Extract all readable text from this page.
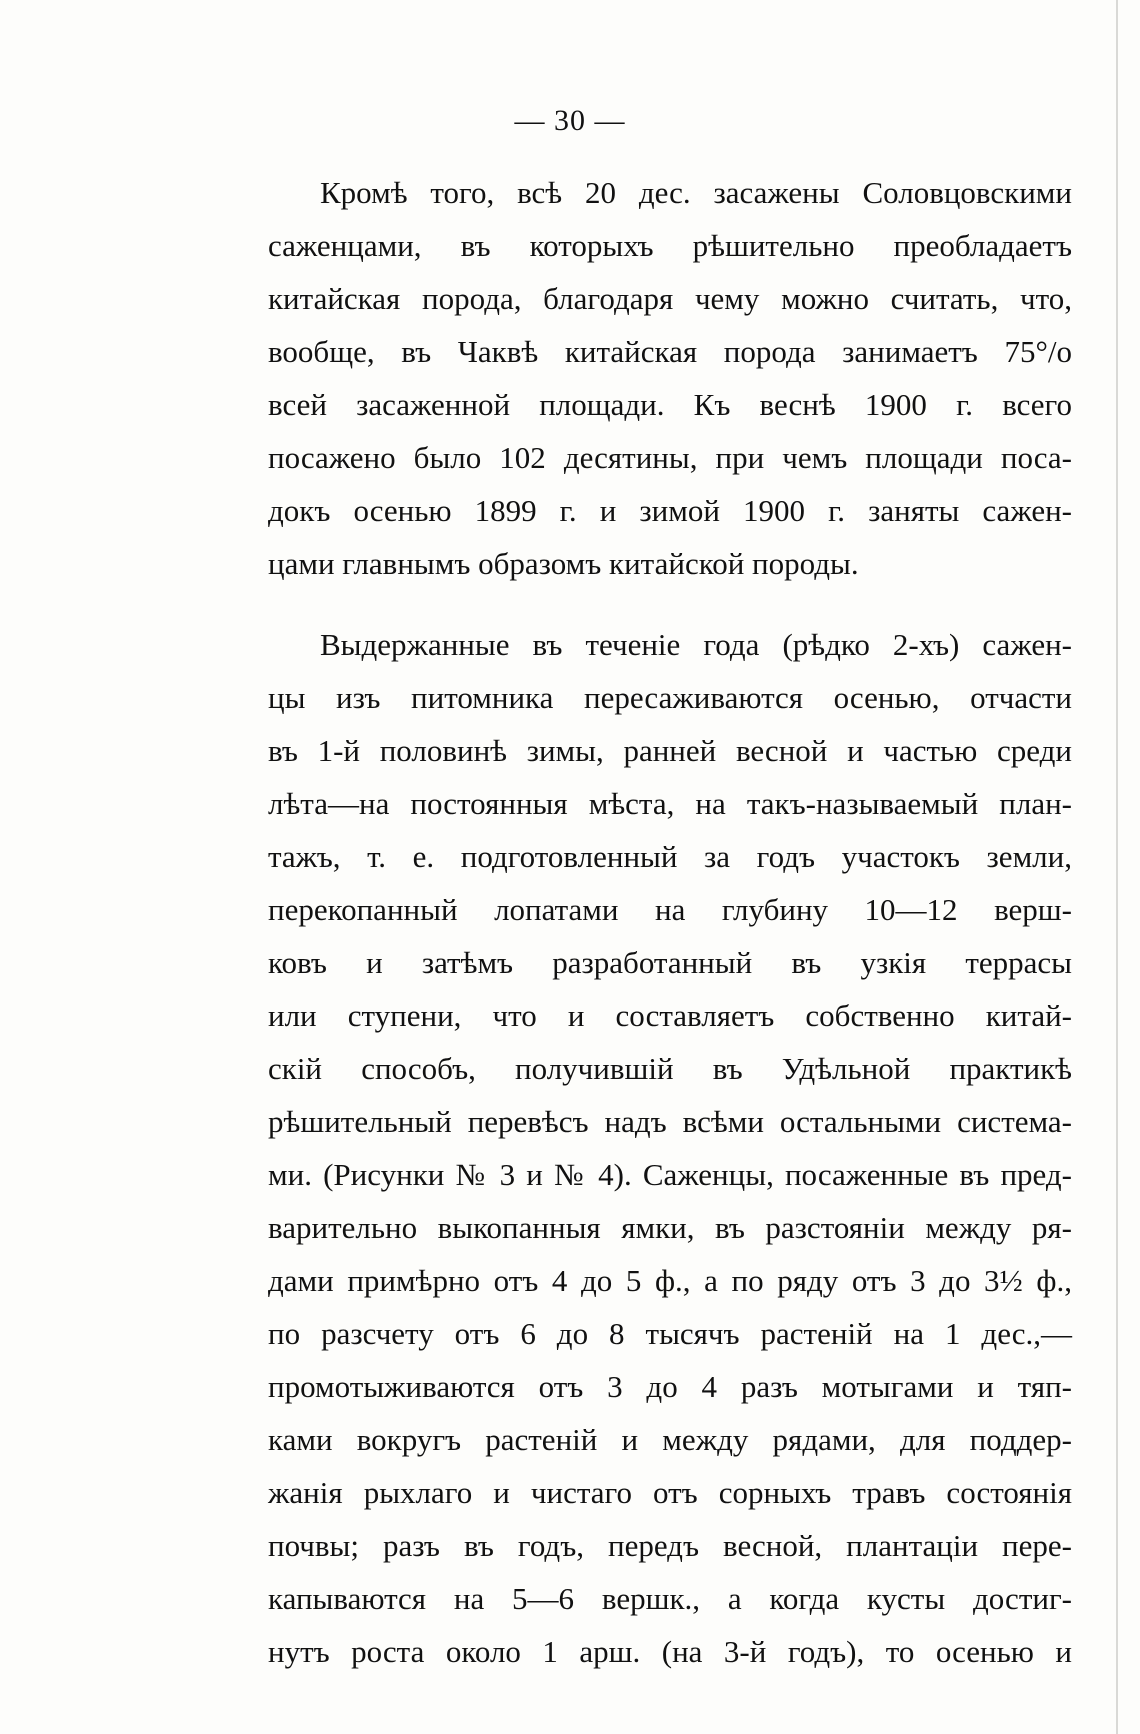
— 30 —
Кромѣ того, всѣ 20 дес. засажены Соловцовскими
саженцами, въ которыхъ рѣшительно преобладаетъ
китайская порода, благодаря чему можно считать, что,
вообще, въ Чаквѣ китайская порода занимаетъ 75°/о
всей засаженной площади. Къ веснѣ 1900 г. всего
посажено было 102 десятины, при чемъ площади поса-
докъ осенью 1899 г. и зимой 1900 г. заняты сажен-
цами главнымъ образомъ китайской породы.
Выдержанные въ теченіе года (рѣдко 2-хъ) сажен-
цы изъ питомника пересаживаются осенью, отчасти
въ 1-й половинѣ зимы, ранней весной и частью среди
лѣта—на постоянныя мѣста, на такъ-называемый план-
тажъ, т. е. подготовленный за годъ участокъ земли,
перекопанный лопатами на глубину 10—12 верш-
ковъ и затѣмъ разработанный въ узкія террасы
или ступени, что и составляетъ собственно китай-
скій способъ, получившій въ Удѣльной практикѣ
рѣшительный перевѣсъ надъ всѣми остальными система-
ми. (Рисунки № 3 и № 4). Саженцы, посаженные въ пред-
варительно выкопанныя ямки, въ разстояніи между ря-
дами примѣрно отъ 4 до 5 ф., а по ряду отъ 3 до 3½ ф.,
по разсчету отъ 6 до 8 тысячъ растеній на 1 дес.,—
промотыживаются отъ 3 до 4 разъ мотыгами и тяп-
ками вокругъ растеній и между рядами, для поддер-
жанія рыхлаго и чистаго отъ сорныхъ травъ состоянія
почвы; разъ въ годъ, передъ весной, плантаціи пере-
капываются на 5—6 вершк., а когда кусты достиг-
нутъ роста около 1 арш. (на 3-й годъ), то осенью и
